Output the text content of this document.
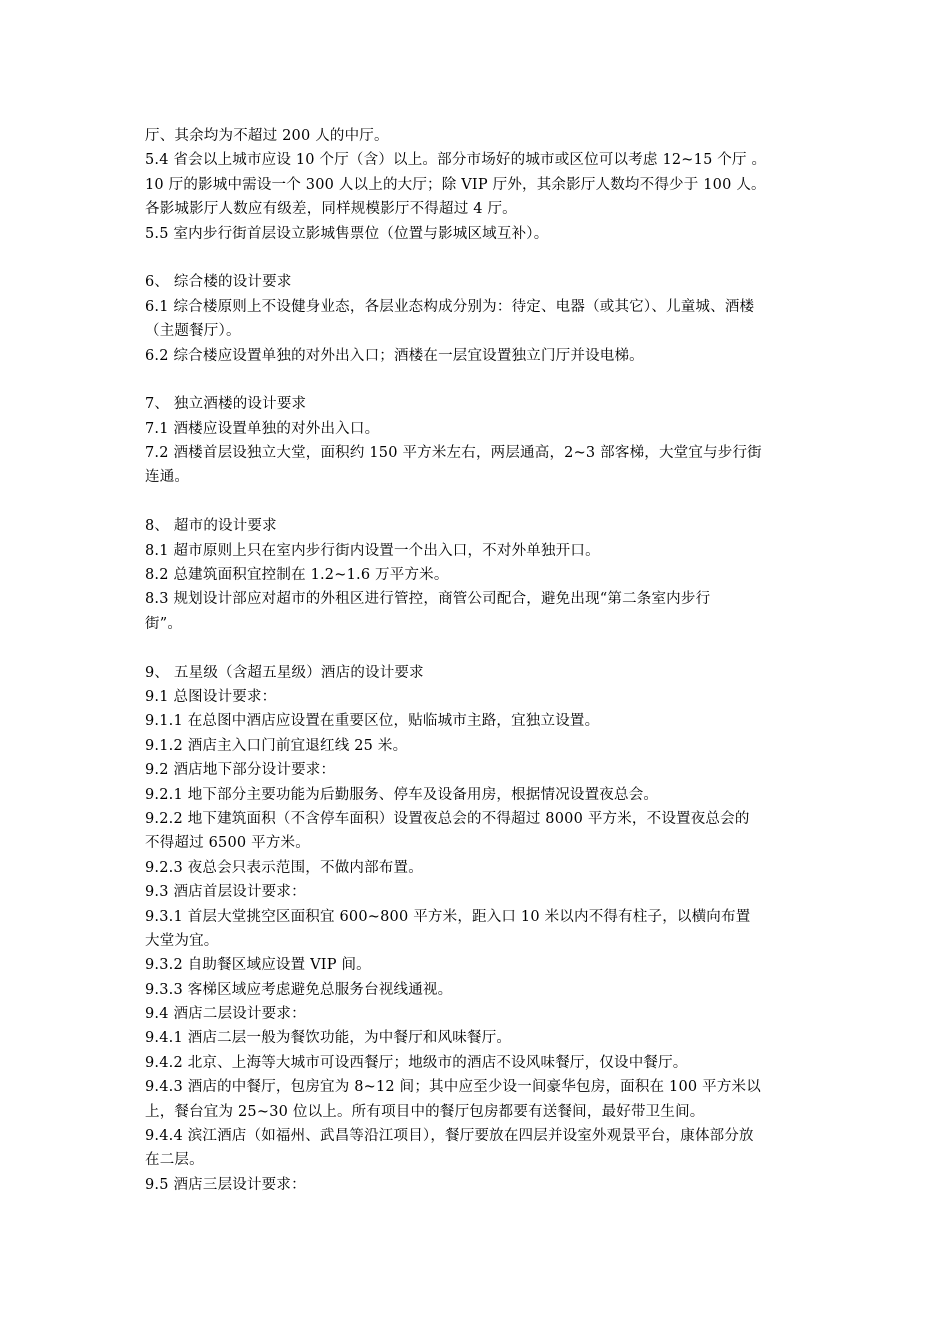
厅、其余均为不超过 200 人的中厅。
5.4 省会以上城市应设 10 个厅（含）以上。部分市场好的城市或区位可以考虑 12~15 个厅 。
10 厅的影城中需设一个 300 人以上的大厅；除 VIP 厅外，其余影厅人数均不得少于 100 人。
各影城影厅人数应有级差，同样规模影厅不得超过 4 厅。
5.5 室内步行街首层设立影城售票位（位置与影城区域互补）。
6、 综合楼的设计要求
6.1 综合楼原则上不设健身业态，各层业态构成分别为：待定、电器（或其它）、儿童城、酒楼
（主题餐厅）。
6.2 综合楼应设置单独的对外出入口；酒楼在一层宜设置独立门厅并设电梯。
7、 独立酒楼的设计要求
7.1 酒楼应设置单独的对外出入口。
7.2 酒楼首层设独立大堂，面积约 150 平方米左右，两层通高，2~3 部客梯，大堂宜与步行街
连通。
8、 超市的设计要求
8.1 超市原则上只在室内步行街内设置一个出入口，不对外单独开口。
8.2 总建筑面积宜控制在 1.2~1.6 万平方米。
8.3 规划设计部应对超市的外租区进行管控，商管公司配合，避免出现“第二条室内步行
街”。
9、 五星级（含超五星级）酒店的设计要求
9.1 总图设计要求：
9.1.1 在总图中酒店应设置在重要区位，贴临城市主路，宜独立设置。
9.1.2 酒店主入口门前宜退红线 25 米。
9.2 酒店地下部分设计要求：
9.2.1 地下部分主要功能为后勤服务、停车及设备用房，根据情况设置夜总会。
9.2.2 地下建筑面积（不含停车面积）设置夜总会的不得超过 8000 平方米，不设置夜总会的
不得超过 6500 平方米。
9.2.3 夜总会只表示范围，不做内部布置。
9.3 酒店首层设计要求：
9.3.1 首层大堂挑空区面积宜 600~800 平方米，距入口 10 米以内不得有柱子，以横向布置
大堂为宜。
9.3.2 自助餐区域应设置 VIP 间。
9.3.3 客梯区域应考虑避免总服务台视线通视。
9.4 酒店二层设计要求：
9.4.1 酒店二层一般为餐饮功能，为中餐厅和风味餐厅。
9.4.2 北京、上海等大城市可设西餐厅；地级市的酒店不设风味餐厅，仅设中餐厅。
9.4.3 酒店的中餐厅，包房宜为 8~12 间；其中应至少设一间豪华包房，面积在 100 平方米以
上，餐台宜为 25~30 位以上。所有项目中的餐厅包房都要有送餐间，最好带卫生间。
9.4.4 滨江酒店（如福州、武昌等沿江项目），餐厅要放在四层并设室外观景平台，康体部分放
在二层。
9.5 酒店三层设计要求：
